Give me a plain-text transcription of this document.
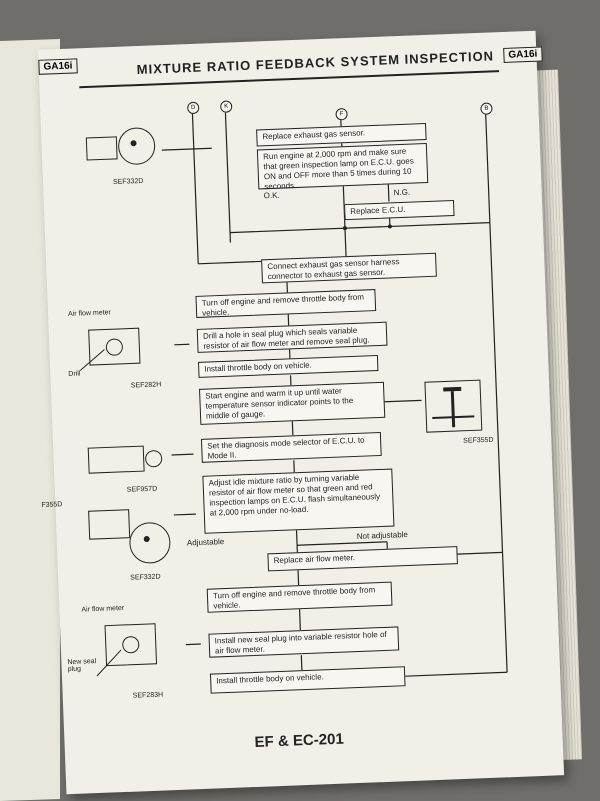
GA16i	MIXTURE RATIO FEEDBACK SYSTEM INSPECTION	GA16i
F
D	K	B
Replace exhaust gas sensor.
Run engine at 2,000 rpm and make sure that green inspection lamp on E.C.U. goes ON and OFF more than 5 times during 10 seconds.
O.K.	N.G.
Replace E.C.U.
Connect exhaust gas sensor harness connector to exhaust gas sensor.
Turn off engine and remove throttle body from vehicle.
Drill a hole in seal plug which seals variable resistor of air flow meter and remove seal plug.
Install throttle body on vehicle.
Start engine and warm it up until water temperature sensor indicator points to the middle of gauge.
Set the diagnosis mode selector of E.C.U. to Mode II.
Adjust idle mixture ratio by turning variable resistor of air flow meter so that green and red inspection lamps on E.C.U. flash simultaneously at 2,000 rpm under no-load.
Adjustable
Not adjustable
Replace air flow meter.
Turn off engine and remove throttle body from vehicle.
Install new seal plug into variable resistor hole of air flow meter.
Install throttle body on vehicle.
SEF332D
Air flow meter
Drill
SEF282H
SEF355D
F355D
SEF957D
SEF332D
Air flow meter
New seal plug
SEF283H
EF & EC-201
